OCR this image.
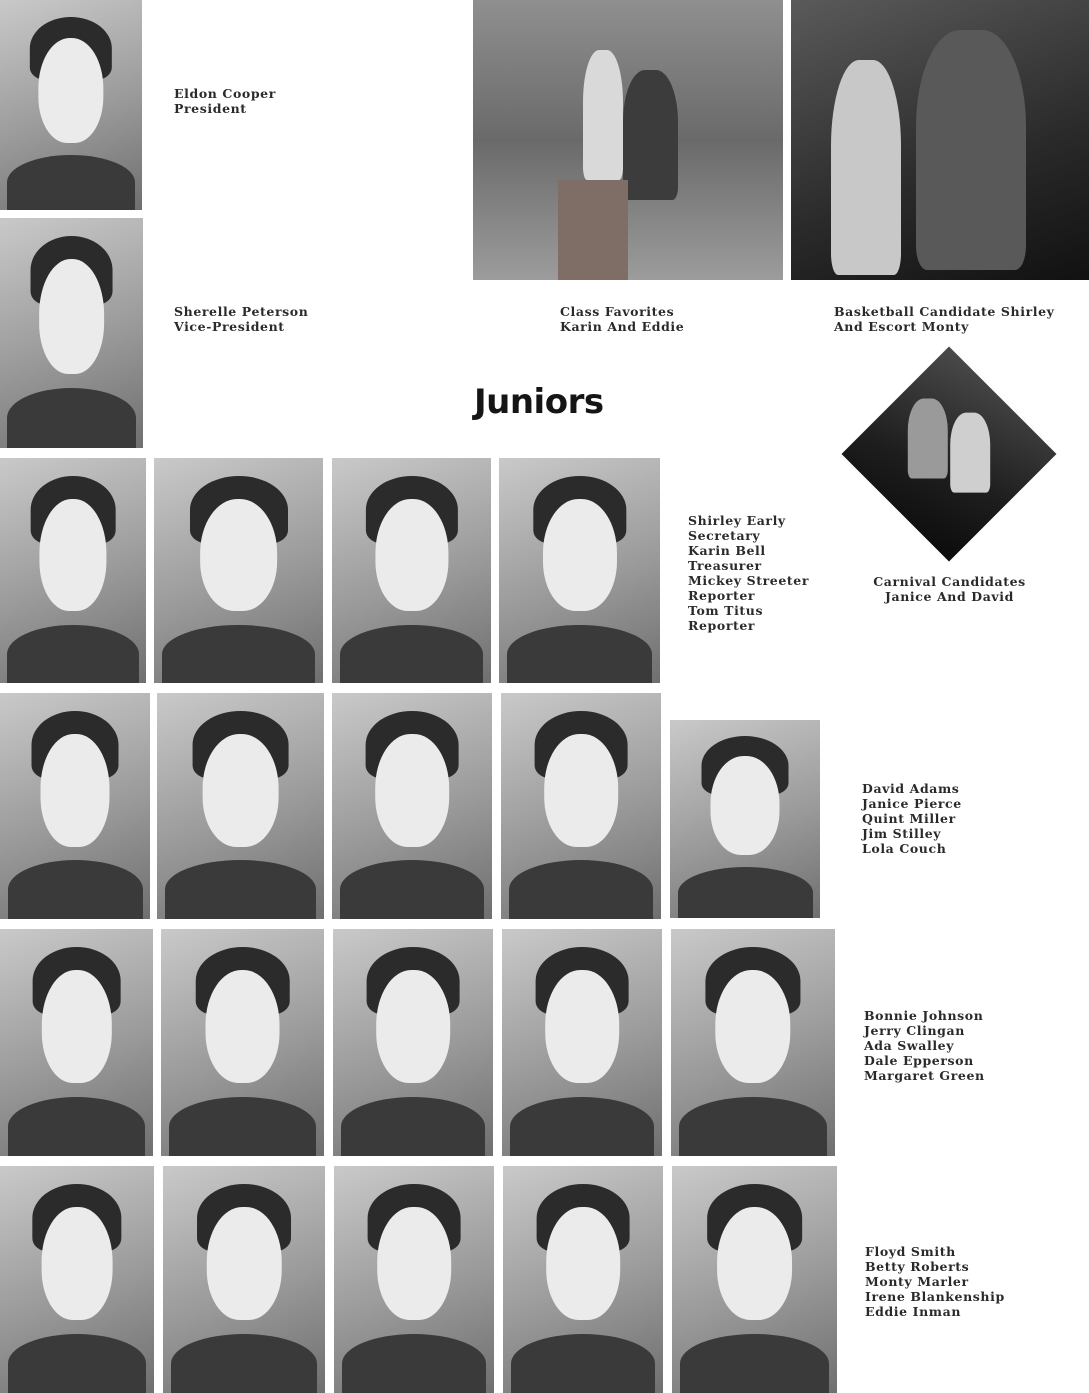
Eldon Cooper
President
Sherelle Peterson
Vice-President
Class Favorites
Karin And Eddie
Basketball Candidate Shirley
And Escort Monty
Juniors
Carnival Candidates
Janice And David
Shirley Early
Secretary
Karin Bell
Treasurer
Mickey Streeter
Reporter
Tom Titus
Reporter
David Adams
Janice Pierce
Quint Miller
Jim Stilley
Lola Couch
Bonnie Johnson
Jerry Clingan
Ada Swalley
Dale Epperson
Margaret Green
Floyd Smith
Betty Roberts
Monty Marler
Irene Blankenship
Eddie Inman
